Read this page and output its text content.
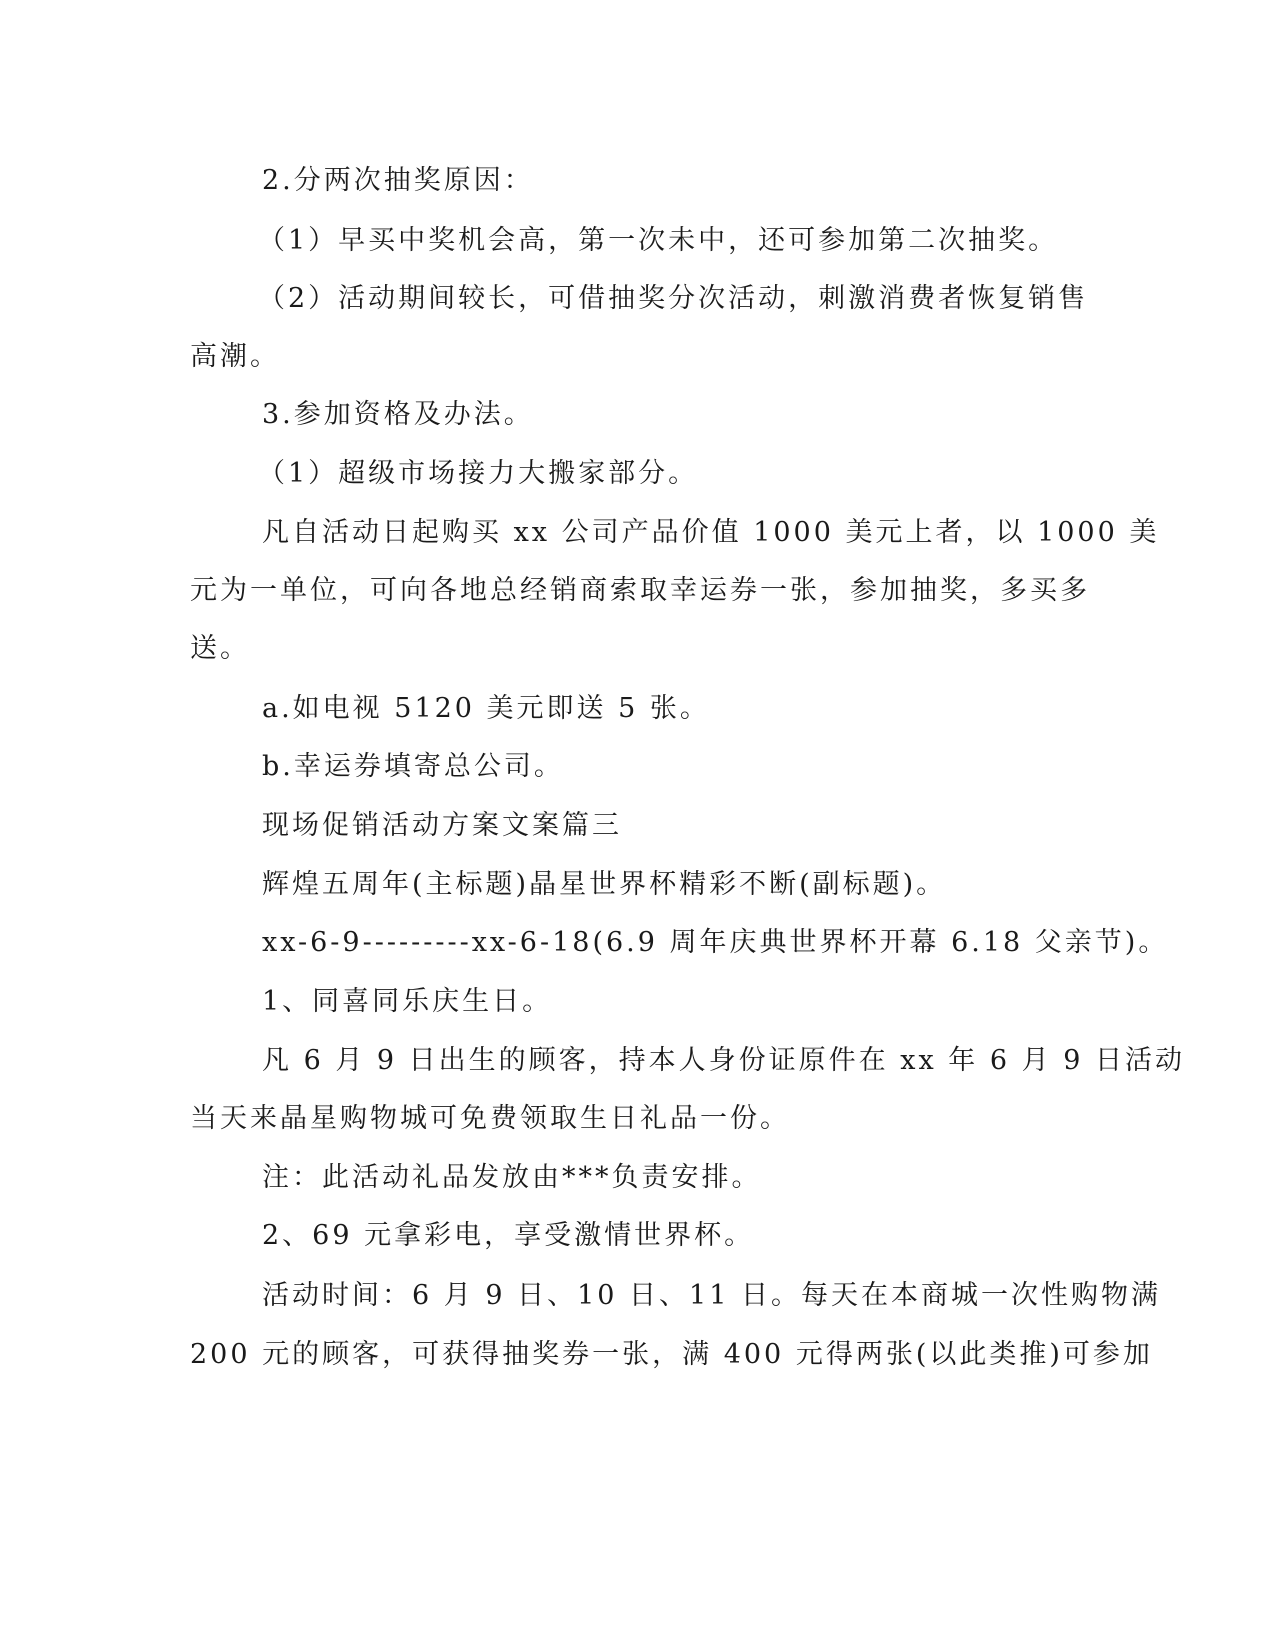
2.分两次抽奖原因：
（1）早买中奖机会高，第一次未中，还可参加第二次抽奖。
（2）活动期间较长，可借抽奖分次活动，刺激消费者恢复销售
高潮。
3.参加资格及办法。
（1）超级市场接力大搬家部分。
凡自活动日起购买 xx 公司产品价值 1000 美元上者，以 1000 美
元为一单位，可向各地总经销商索取幸运券一张，参加抽奖，多买多
送。
a.如电视 5120 美元即送 5 张。
b.幸运券填寄总公司。
现场促销活动方案文案篇三
辉煌五周年(主标题)晶星世界杯精彩不断(副标题)。
xx-6-9---------xx-6-18(6.9 周年庆典世界杯开幕 6.18 父亲节)。
1、同喜同乐庆生日。
凡 6 月 9 日出生的顾客，持本人身份证原件在 xx 年 6 月 9 日活动
当天来晶星购物城可免费领取生日礼品一份。
注：此活动礼品发放由***负责安排。
2、69 元拿彩电，享受激情世界杯。
活动时间：6 月 9 日、10 日、11 日。每天在本商城一次性购物满
200 元的顾客，可获得抽奖券一张，满 400 元得两张(以此类推)可参加
